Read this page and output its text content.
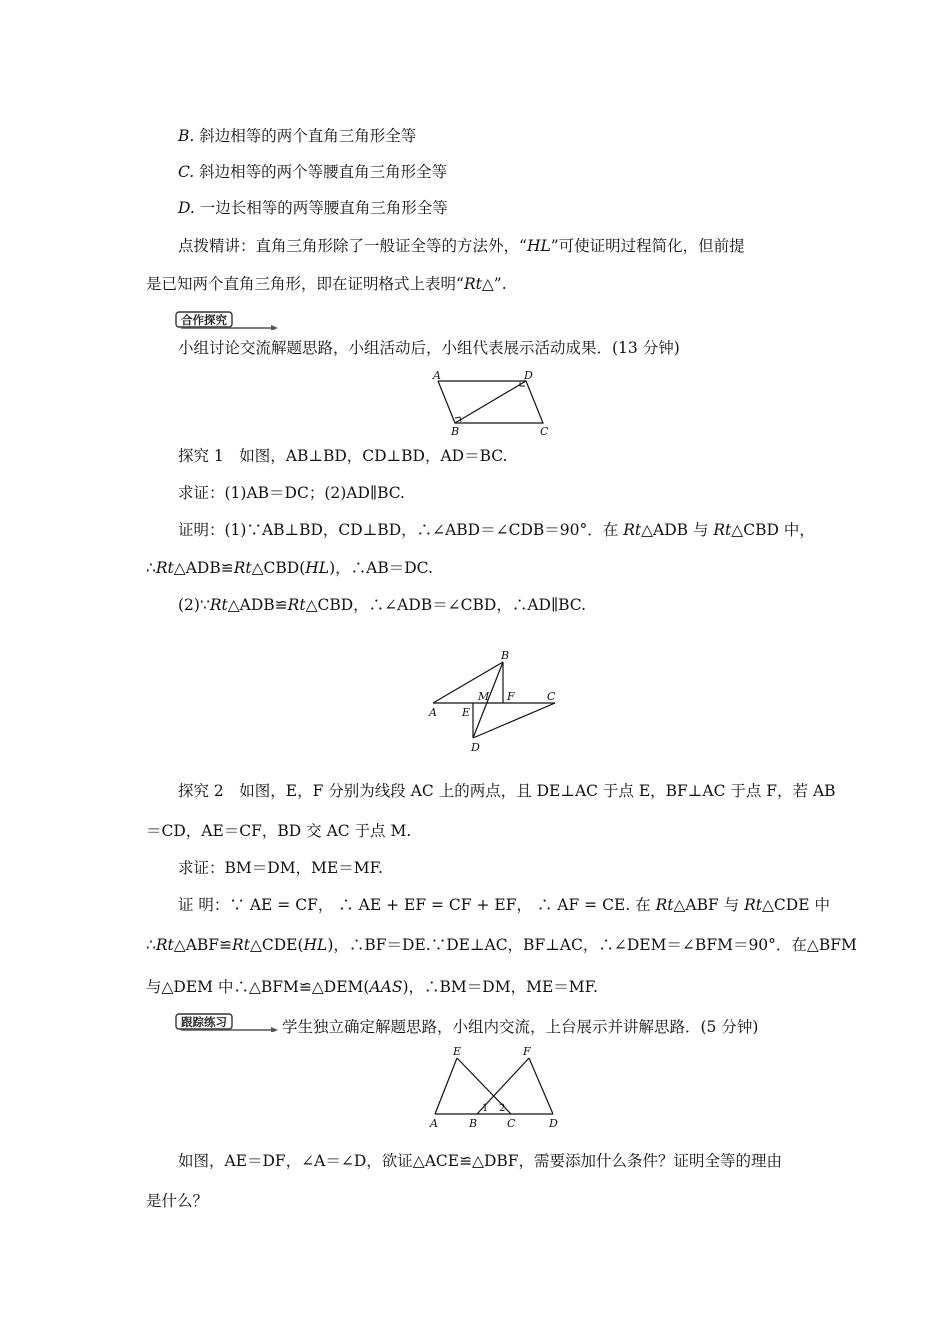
B. 斜边相等的两个直角三角形全等
C. 斜边相等的两个等腰直角三角形全等
D. 一边长相等的两等腰直角三角形全等
点拨精讲：直角三角形除了一般证全等的方法外，“HL”可使证明过程简化，但前提
是已知两个直角三角形，即在证明格式上表明“Rt△”.
合作探究
小组讨论交流解题思路，小组活动后，小组代表展示活动成果．(13 分钟)
A	D
B	C
探究 1　如图，AB⊥BD，CD⊥BD，AD＝BC.
求证：(1)AB＝DC；(2)AD∥BC.
证明：(1)∵AB⊥BD，CD⊥BD，∴∠ABD＝∠CDB＝90°．在 Rt△ADB 与 Rt△CBD 中，
∴Rt△ADB≌Rt△CBD(HL)，∴AB＝DC.
(2)∵Rt△ADB≌Rt△CBD，∴∠ADB＝∠CBD，∴AD∥BC.
B
M F	C
A E
D
探究 2　如图，E，F 分别为线段 AC 上的两点，且 DE⊥AC 于点 E，BF⊥AC 于点 F，若 AB
＝CD，AE＝CF，BD 交 AC 于点 M.
求证：BM＝DM，ME＝MF.
证 明：∵ AE = CF， ∴ AE + EF = CF + EF， ∴ AF = CE. 在 Rt△ABF 与 Rt△CDE 中
∴Rt△ABF≌Rt△CDE(HL)，∴BF＝DE.∵DE⊥AC，BF⊥AC，∴∠DEM＝∠BFM＝90°．在△BFM
与△DEM 中∴△BFM≌△DEM(AAS)，∴BM＝DM，ME＝MF.
跟踪练习	学生独立确定解题思路，小组内交流，上台展示并讲解思路．(5 分钟)
E	F
A	B	C	D
1 2
如图，AE＝DF，∠A＝∠D，欲证△ACE≌△DBF，需要添加什么条件？证明全等的理由
是什么？
